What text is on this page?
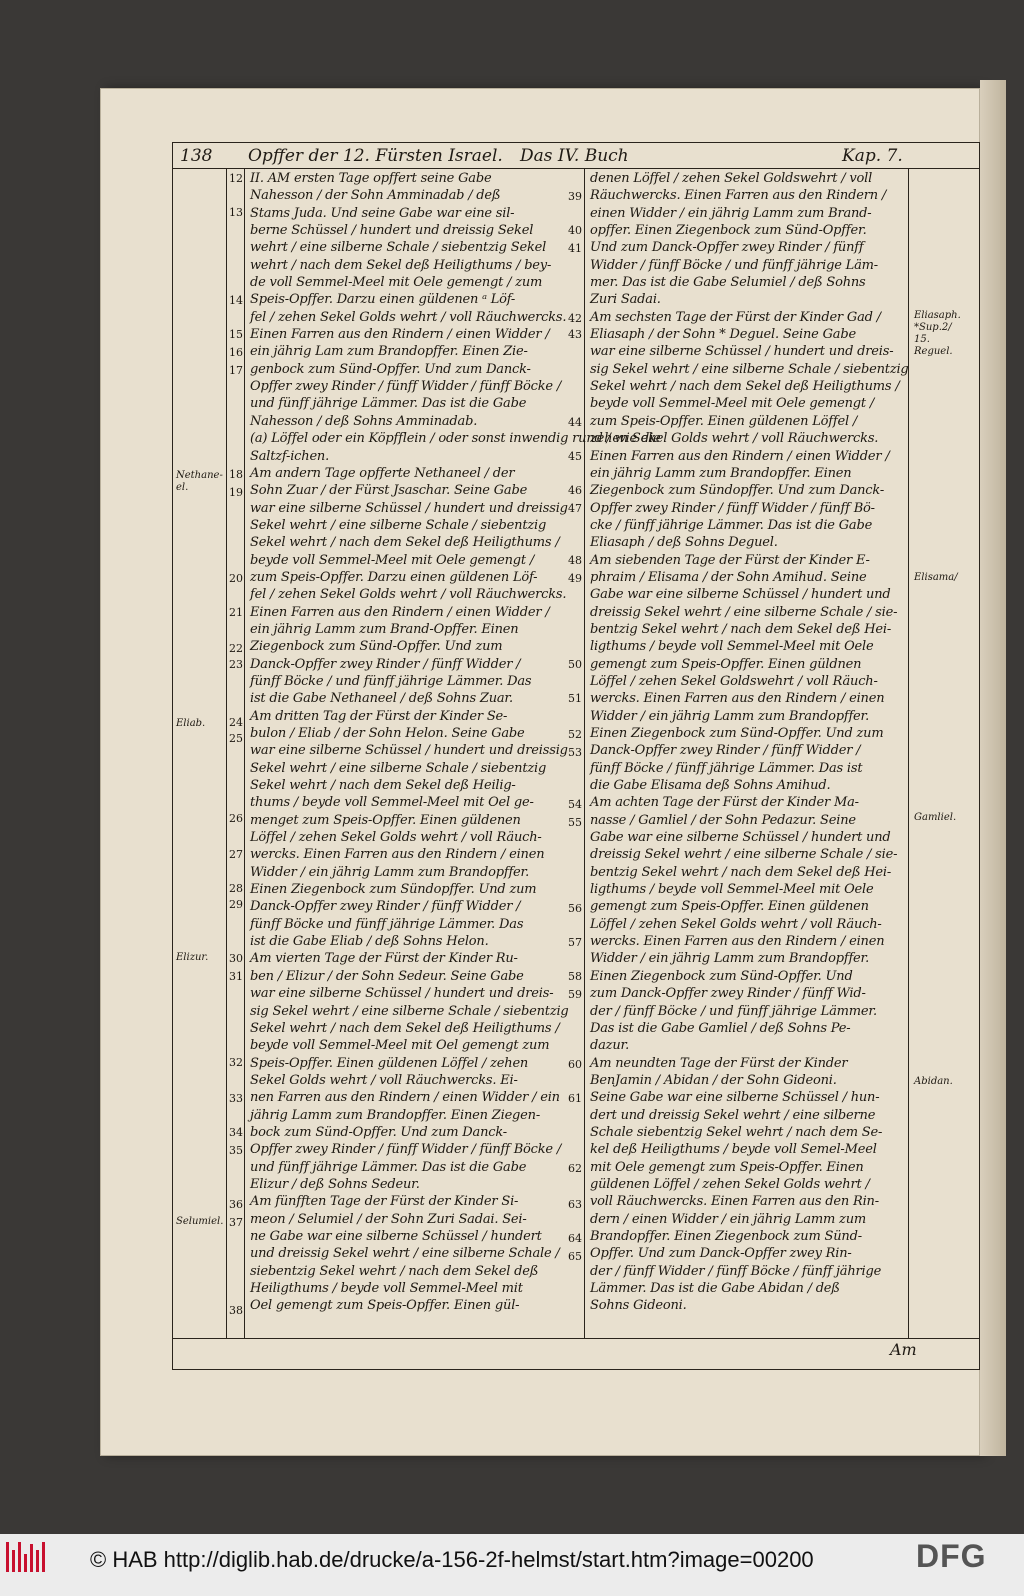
138 Opffer der 12. Fürsten Israel. Das IV. Buch	Kap. 7.
II. AM ersten Tage opffert seine Gabe
Nahesson / der Sohn Amminadab / deß
Stams Juda. Und seine Gabe war eine sil-
berne Schüssel / hundert und dreissig Sekel
wehrt / eine silberne Schale / siebentzig Sekel
wehrt / nach dem Sekel deß Heiligthums / bey-
de voll Semmel-Meel mit Oele gemengt / zum
Speis-Opffer. Darzu einen güldenen ᵃ Löf-
fel / zehen Sekel Golds wehrt / voll Räuchwercks.
Einen Farren aus den Rindern / einen Widder /
ein jährig Lam zum Brandopffer. Einen Zie-
genbock zum Sünd-Opffer. Und zum Danck-
Opffer zwey Rinder / fünff Widder / fünff Böcke /
und fünff jährige Lämmer. Das ist die Gabe
Nahesson / deß Sohns Amminadab.
(a) Löffel oder ein Köpfflein / oder sonst inwendig rund / wie die
Saltzf-ichen.
Am andern Tage opfferte Nethaneel / der
Sohn Zuar / der Fürst Jsaschar. Seine Gabe
war eine silberne Schüssel / hundert und dreissig
Sekel wehrt / eine silberne Schale / siebentzig
Sekel wehrt / nach dem Sekel deß Heiligthums /
beyde voll Semmel-Meel mit Oele gemengt /
zum Speis-Opffer. Darzu einen güldenen Löf-
fel / zehen Sekel Golds wehrt / voll Räuchwercks.
Einen Farren aus den Rindern / einen Widder /
ein jährig Lamm zum Brand-Opffer. Einen
Ziegenbock zum Sünd-Opffer. Und zum
Danck-Opffer zwey Rinder / fünff Widder /
fünff Böcke / und fünff jährige Lämmer. Das
ist die Gabe Nethaneel / deß Sohns Zuar.
Am dritten Tag der Fürst der Kinder Se-
bulon / Eliab / der Sohn Helon. Seine Gabe
war eine silberne Schüssel / hundert und dreissig
Sekel wehrt / eine silberne Schale / siebentzig
Sekel wehrt / nach dem Sekel deß Heilig-
thums / beyde voll Semmel-Meel mit Oel ge-
menget zum Speis-Opffer. Einen güldenen
Löffel / zehen Sekel Golds wehrt / voll Räuch-
wercks. Einen Farren aus den Rindern / einen
Widder / ein jährig Lamm zum Brandopffer.
Einen Ziegenbock zum Sündopffer. Und zum
Danck-Opffer zwey Rinder / fünff Widder /
fünff Böcke und fünff jährige Lämmer. Das
ist die Gabe Eliab / deß Sohns Helon.
Am vierten Tage der Fürst der Kinder Ru-
ben / Elizur / der Sohn Sedeur. Seine Gabe
war eine silberne Schüssel / hundert und dreis-
sig Sekel wehrt / eine silberne Schale / siebentzig
Sekel wehrt / nach dem Sekel deß Heiligthums /
beyde voll Semmel-Meel mit Oel gemengt zum
Speis-Opffer. Einen güldenen Löffel / zehen
Sekel Golds wehrt / voll Räuchwercks. Ei-
nen Farren aus den Rindern / einen Widder / ein
jährig Lamm zum Brandopffer. Einen Ziegen-
bock zum Sünd-Opffer. Und zum Danck-
Opffer zwey Rinder / fünff Widder / fünff Böcke /
und fünff jährige Lämmer. Das ist die Gabe
Elizur / deß Sohns Sedeur.
Am fünfften Tage der Fürst der Kinder Si-
meon / Selumiel / der Sohn Zuri Sadai. Sei-
ne Gabe war eine silberne Schüssel / hundert
und dreissig Sekel wehrt / eine silberne Schale /
siebentzig Sekel wehrt / nach dem Sekel deß
Heiligthums / beyde voll Semmel-Meel mit
Oel gemengt zum Speis-Opffer. Einen gül-
denen Löffel / zehen Sekel Goldswehrt / voll
Räuchwercks. Einen Farren aus den Rindern /
einen Widder / ein jährig Lamm zum Brand-
opffer. Einen Ziegenbock zum Sünd-Opffer.
Und zum Danck-Opffer zwey Rinder / fünff
Widder / fünff Böcke / und fünff jährige Läm-
mer. Das ist die Gabe Selumiel / deß Sohns
Zuri Sadai.
Am sechsten Tage der Fürst der Kinder Gad /
Eliasaph / der Sohn * Deguel. Seine Gabe
war eine silberne Schüssel / hundert und dreis-
sig Sekel wehrt / eine silberne Schale / siebentzig
Sekel wehrt / nach dem Sekel deß Heiligthums /
beyde voll Semmel-Meel mit Oele gemengt /
zum Speis-Opffer. Einen güldenen Löffel /
zehen Sekel Golds wehrt / voll Räuchwercks.
Einen Farren aus den Rindern / einen Widder /
ein jährig Lamm zum Brandopffer. Einen
Ziegenbock zum Sündopffer. Und zum Danck-
Opffer zwey Rinder / fünff Widder / fünff Bö-
cke / fünff jährige Lämmer. Das ist die Gabe
Eliasaph / deß Sohns Deguel.
Am siebenden Tage der Fürst der Kinder E-
phraim / Elisama / der Sohn Amihud. Seine
Gabe war eine silberne Schüssel / hundert und
dreissig Sekel wehrt / eine silberne Schale / sie-
bentzig Sekel wehrt / nach dem Sekel deß Hei-
ligthums / beyde voll Semmel-Meel mit Oele
gemengt zum Speis-Opffer. Einen güldnen
Löffel / zehen Sekel Goldswehrt / voll Räuch-
wercks. Einen Farren aus den Rindern / einen
Widder / ein jährig Lamm zum Brandopffer.
Einen Ziegenbock zum Sünd-Opffer. Und zum
Danck-Opffer zwey Rinder / fünff Widder /
fünff Böcke / fünff jährige Lämmer. Das ist
die Gabe Elisama deß Sohns Amihud.
Am achten Tage der Fürst der Kinder Ma-
nasse / Gamliel / der Sohn Pedazur. Seine
Gabe war eine silberne Schüssel / hundert und
dreissig Sekel wehrt / eine silberne Schale / sie-
bentzig Sekel wehrt / nach dem Sekel deß Hei-
ligthums / beyde voll Semmel-Meel mit Oele
gemengt zum Speis-Opffer. Einen güldenen
Löffel / zehen Sekel Golds wehrt / voll Räuch-
wercks. Einen Farren aus den Rindern / einen
Widder / ein jährig Lamm zum Brandopffer.
Einen Ziegenbock zum Sünd-Opffer. Und
zum Danck-Opffer zwey Rinder / fünff Wid-
der / fünff Böcke / und fünff jährige Lämmer.
Das ist die Gabe Gamliel / deß Sohns Pe-
dazur.
Am neundten Tage der Fürst der Kinder
BenJamin / Abidan / der Sohn Gideoni.
Seine Gabe war eine silberne Schüssel / hun-
dert und dreissig Sekel wehrt / eine silberne
Schale siebentzig Sekel wehrt / nach dem Se-
kel deß Heiligthums / beyde voll Semel-Meel
mit Oele gemengt zum Speis-Opffer. Einen
güldenen Löffel / zehen Sekel Golds wehrt /
voll Räuchwercks. Einen Farren aus den Rin-
dern / einen Widder / ein jährig Lamm zum
Brandopffer. Einen Ziegenbock zum Sünd-
Opffer. Und zum Danck-Opffer zwey Rin-
der / fünff Widder / fünff Böcke / fünff jährige
Lämmer. Das ist die Gabe Abidan / deß
Sohns Gideoni.
12
13
14
15
16
17
18
19
20
21
22
23
24
25
26
27
28
29
30
31
32
33
34
35
36
37
38
39
40
41
42
43
44
45
46
47
48
49
50
51
52
53
54
55
56
57
58
59
60
61
62
63
64
65
Nethane-
el.
Eliab.
Elizur.
Selumiel.
Eliasaph.
*Sup.2/
15.
Reguel.
Elisama/
Gamliel.
Abidan.
Am
© HAB http://diglib.hab.de/drucke/a-156-2f-helmst/start.htm?image=00200	DFG
